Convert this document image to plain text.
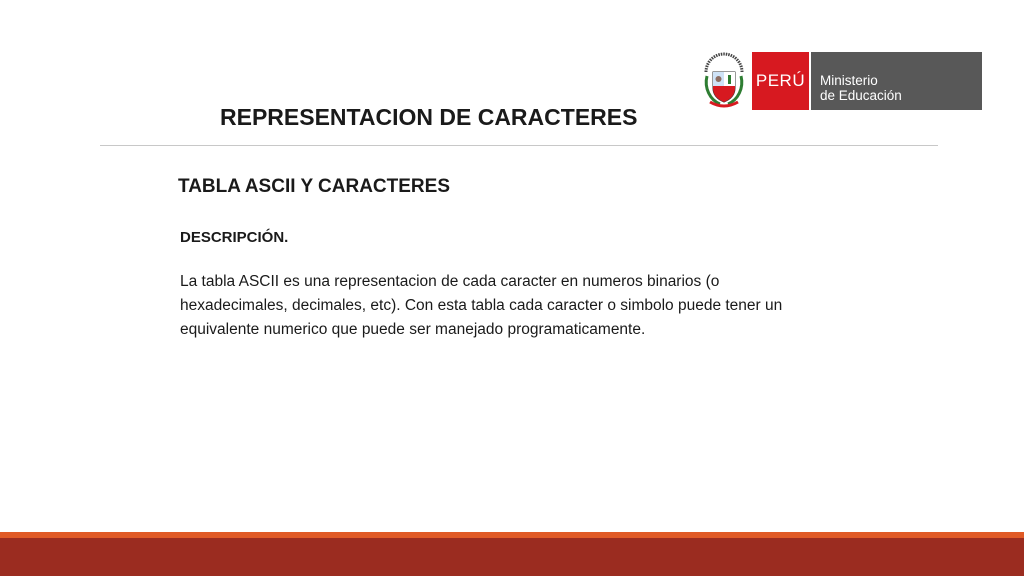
PERÚ Ministerio
de Educación
REPRESENTACION DE CARACTERES
TABLA ASCII Y CARACTERES

DESCRIPCIÓN.

La tabla ASCII es una representacion de cada caracter en numeros binarios (o hexadecimales, decimales, etc). Con esta tabla cada caracter o simbolo puede tener un equivalente numerico que puede ser manejado programaticamente.
